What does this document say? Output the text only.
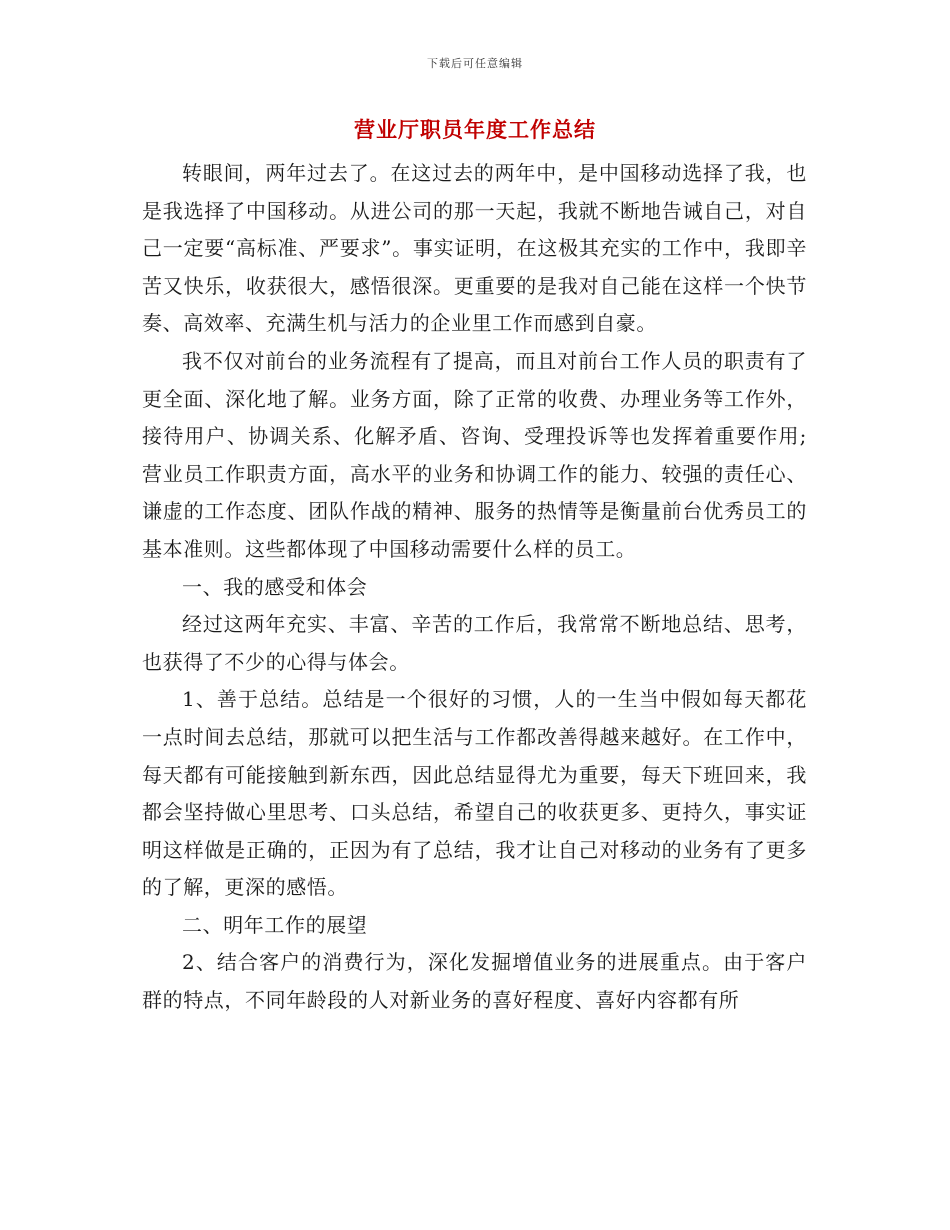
下载后可任意编辑
营业厅职员年度工作总结

转眼间，两年过去了。在这过去的两年中，是中国移动选择了我，也是我选择了中国移动。从进公司的那一天起，我就不断地告诫自己，对自己一定要“高标准、严要求”。事实证明，在这极其充实的工作中，我即辛苦又快乐，收获很大，感悟很深。更重要的是我对自己能在这样一个快节奏、高效率、充满生机与活力的企业里工作而感到自豪。

我不仅对前台的业务流程有了提高，而且对前台工作人员的职责有了更全面、深化地了解。业务方面，除了正常的收费、办理业务等工作外，接待用户、协调关系、化解矛盾、咨询、受理投诉等也发挥着重要作用;营业员工作职责方面，高水平的业务和协调工作的能力、较强的责任心、谦虚的工作态度、团队作战的精神、服务的热情等是衡量前台优秀员工的基本准则。这些都体现了中国移动需要什么样的员工。

一、我的感受和体会

经过这两年充实、丰富、辛苦的工作后，我常常不断地总结、思考，也获得了不少的心得与体会。

1、善于总结。总结是一个很好的习惯，人的一生当中假如每天都花一点时间去总结，那就可以把生活与工作都改善得越来越好。在工作中，每天都有可能接触到新东西，因此总结显得尤为重要，每天下班回来，我都会坚持做心里思考、口头总结，希望自己的收获更多、更持久，事实证明这样做是正确的，正因为有了总结，我才让自己对移动的业务有了更多的了解，更深的感悟。

二、明年工作的展望

2、结合客户的消费行为，深化发掘增值业务的进展重点。由于客户群的特点，不同年龄段的人对新业务的喜好程度、喜好内容都有所
